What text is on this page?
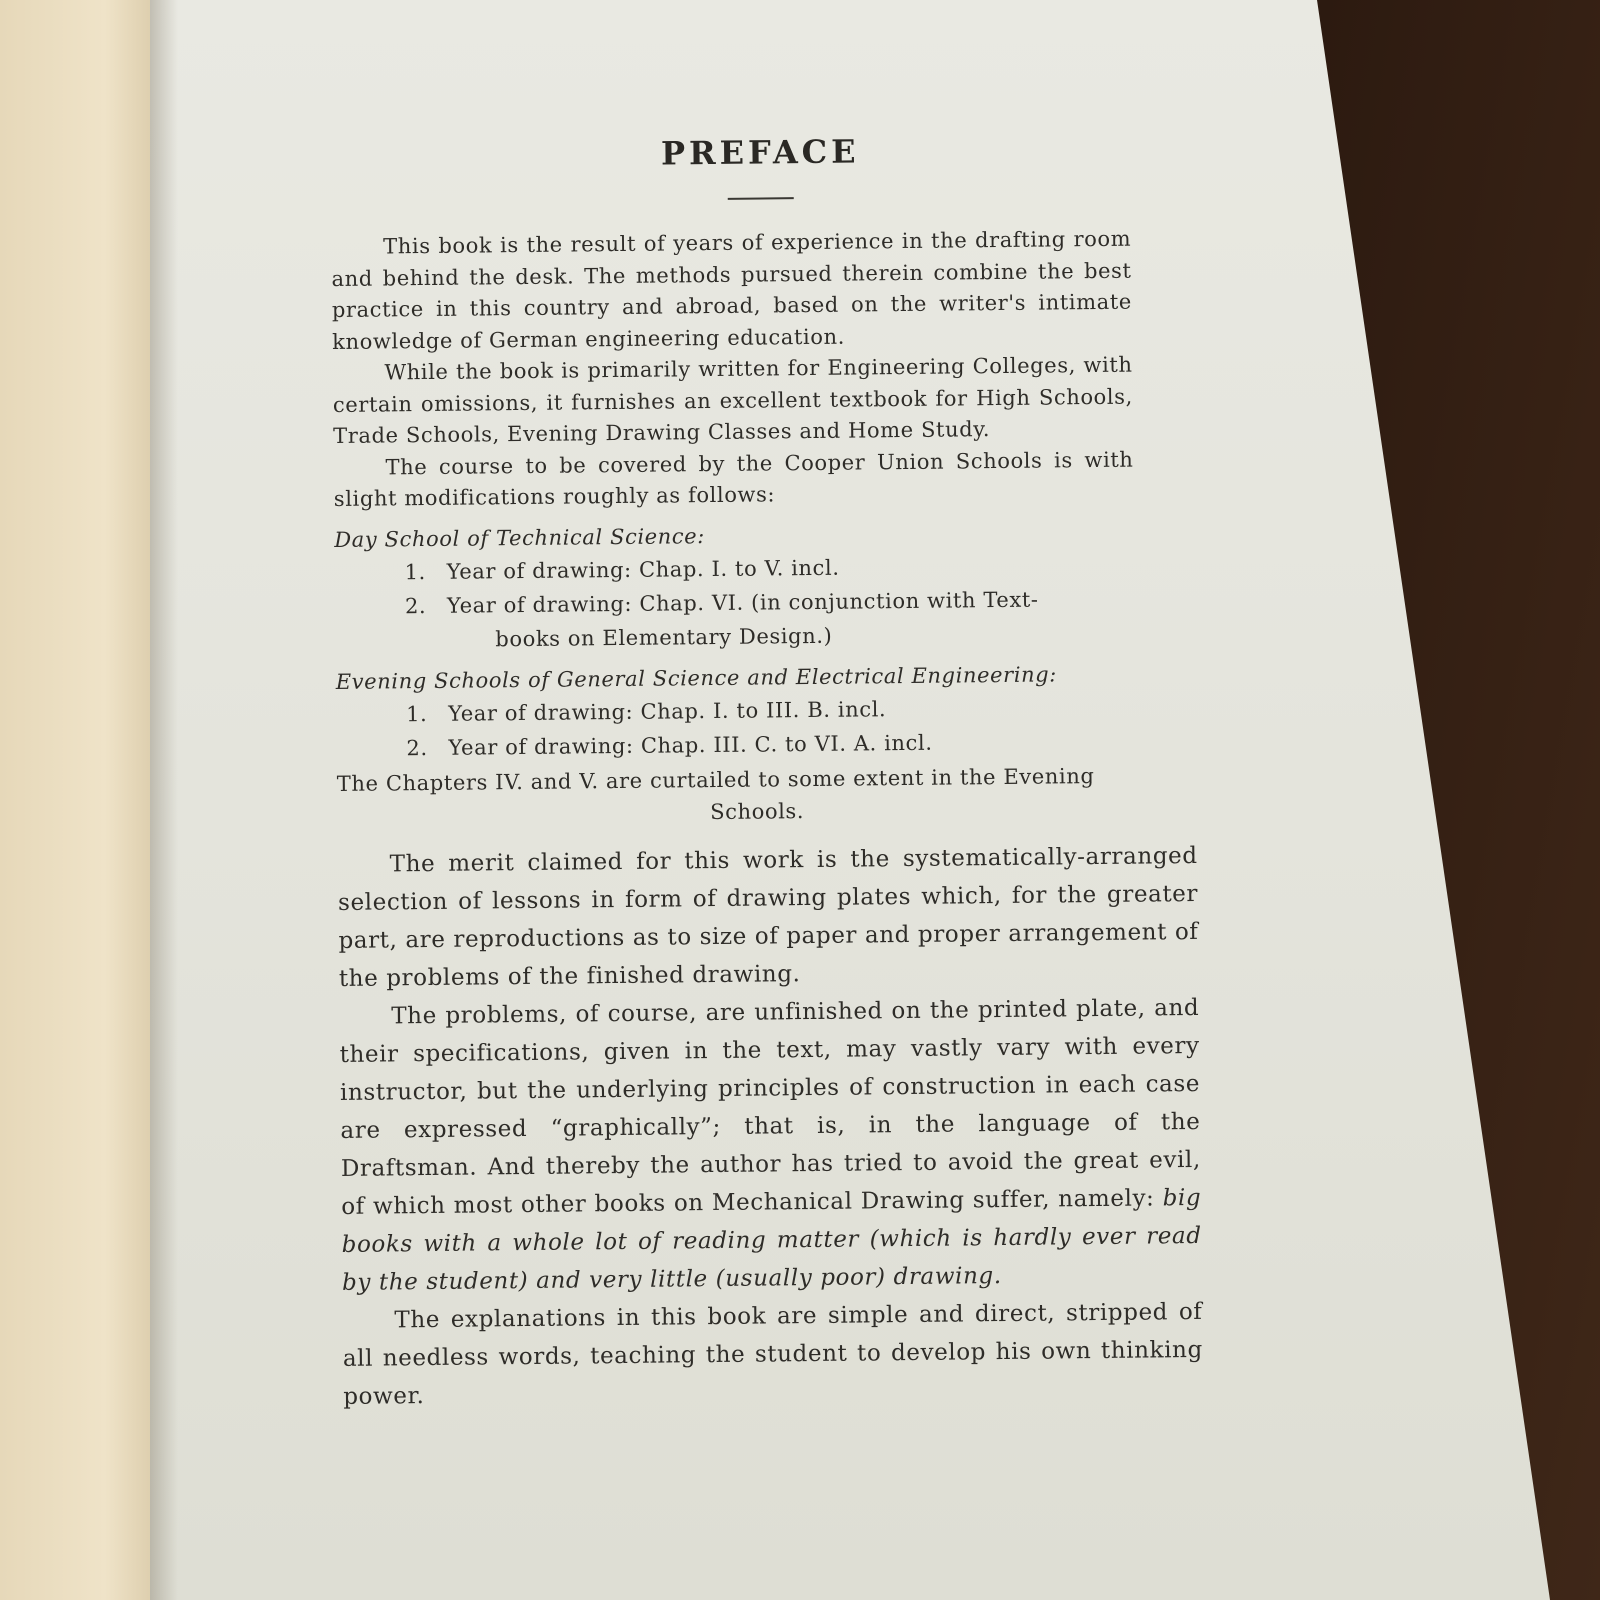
PREFACE

This book is the result of years of experience in the drafting room and behind the desk. The methods pursued therein combine the best practice in this country and abroad, based on the writer's intimate knowledge of German engineering education.

While the book is primarily written for Engineering Colleges, with certain omissions, it furnishes an excellent textbook for High Schools, Trade Schools, Evening Drawing Classes and Home Study.

The course to be covered by the Cooper Union Schools is with slight modifications roughly as follows:

Day School of Technical Science:
1. Year of drawing: Chap. I. to V. incl.
2. Year of drawing: Chap. VI. (in conjunction with Text-
books on Elementary Design.)
Evening Schools of General Science and Electrical Engineering:
1. Year of drawing: Chap. I. to III. B. incl.
2. Year of drawing: Chap. III. C. to VI. A. incl.
The Chapters IV. and V. are curtailed to some extent in the Evening
Schools.

The merit claimed for this work is the systematically-arranged selection of lessons in form of drawing plates which, for the greater part, are reproductions as to size of paper and proper arrangement of the problems of the finished drawing.

The problems, of course, are unfinished on the printed plate, and their specifications, given in the text, may vastly vary with every instructor, but the underlying principles of construction in each case are expressed “graphically”; that is, in the language of the Draftsman. And thereby the author has tried to avoid the great evil, of which most other books on Mechanical Drawing suffer, namely: big books with a whole lot of reading matter (which is hardly ever read by the student) and very little (usually poor) drawing.

The explanations in this book are simple and direct, stripped of all needless words, teaching the student to develop his own thinking power.
